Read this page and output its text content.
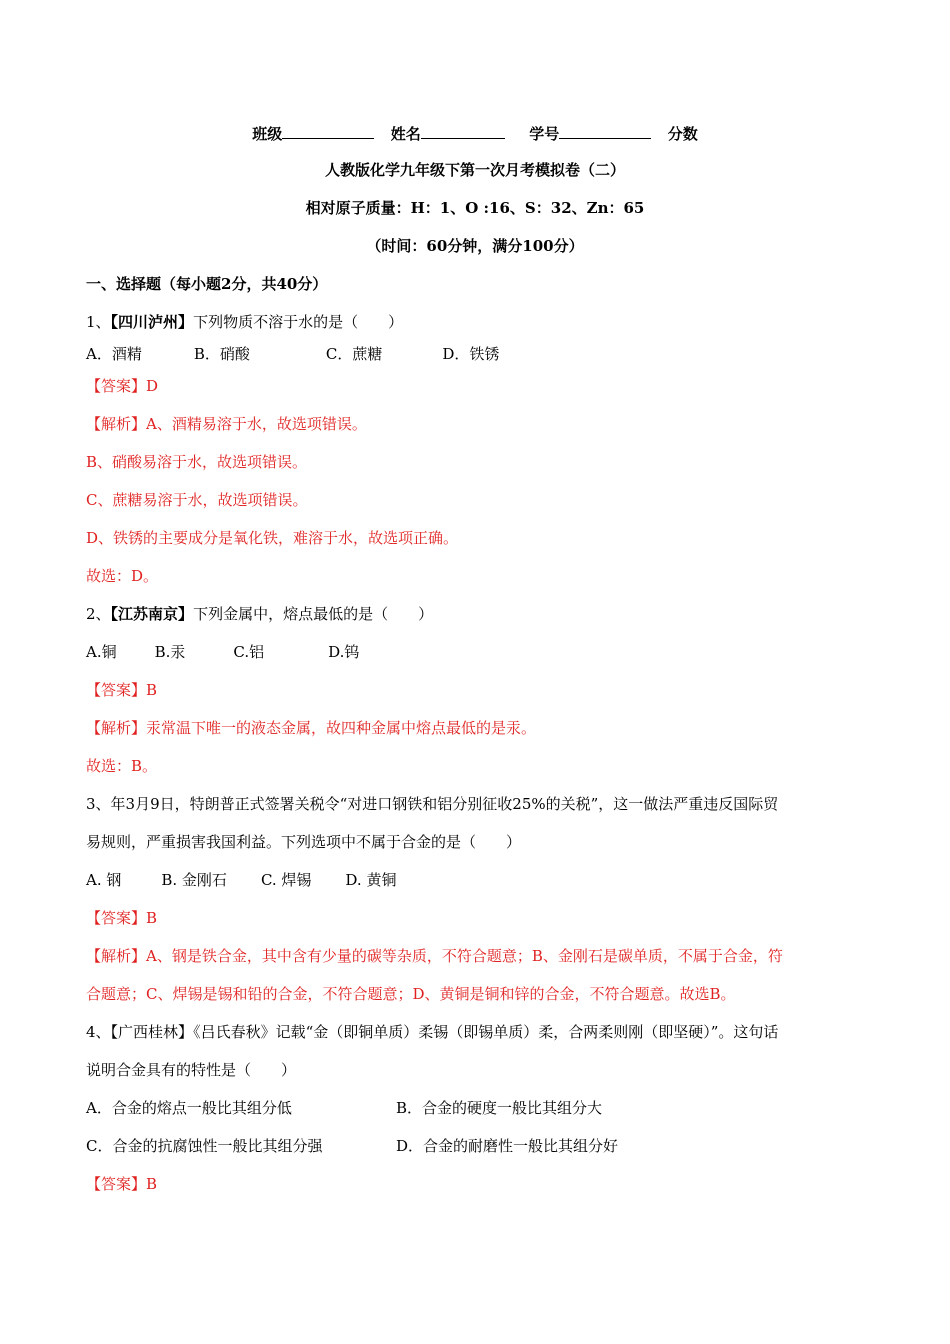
班级	姓名	学号	分数
人教版化学九年级下第一次月考模拟卷（二）
相对原子质量：H：1、O :16、S：32、Zn：65
（时间：60分钟，满分100分）
一、选择题（每小题2分，共40分）
1、【四川泸州】下列物质不溶于水的是（　　）
A．酒精	B．硝酸	C．蔗糖	D．铁锈
【答案】D
【解析】A、酒精易溶于水，故选项错误。
B、硝酸易溶于水，故选项错误。
C、蔗糖易溶于水，故选项错误。
D、铁锈的主要成分是氧化铁，难溶于水，故选项正确。
故选：D。
2、【江苏南京】下列金属中，熔点最低的是（　　）
A.铜	B.汞	C.铝	D.钨
【答案】B
【解析】汞常温下唯一的液态金属，故四种金属中熔点最低的是汞。
故选：B。
3、年3月9日，特朗普正式签署关税令“对进口钢铁和铝分别征收25%的关税”，这一做法严重违反国际贸
易规则，严重损害我国利益。下列选项中不属于合金的是（　　）
A. 钢	B. 金刚石 C. 焊锡 D. 黄铜
【答案】B
【解析】A、钢是铁合金，其中含有少量的碳等杂质，不符合题意；B、金刚石是碳单质，不属于合金，符
合题意；C、焊锡是锡和铅的合金，不符合题意；D、黄铜是铜和锌的合金，不符合题意。故选B。
4、【广西桂林】《吕氏春秋》记载“金（即铜单质）柔锡（即锡单质）柔，合两柔则刚（即坚硬）”。这句话
说明合金具有的特性是（　　）
A．合金的熔点一般比其组分低	B．合金的硬度一般比其组分大
C．合金的抗腐蚀性一般比其组分强	D．合金的耐磨性一般比其组分好
【答案】B
